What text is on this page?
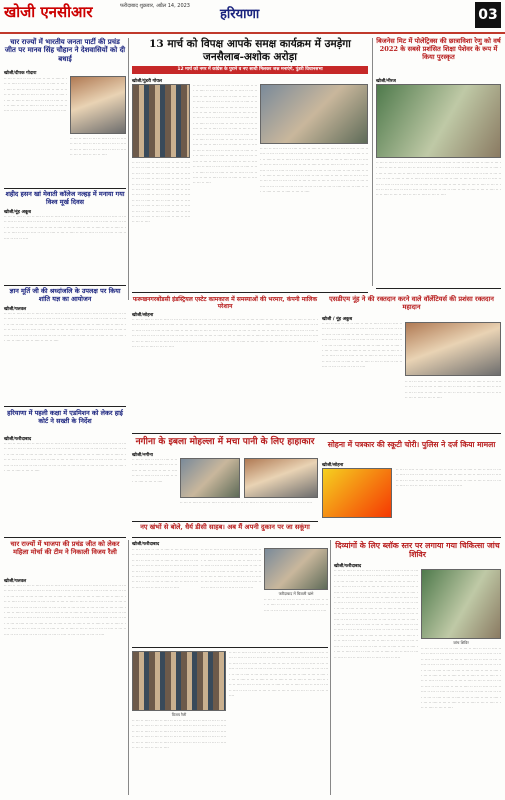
खोजी एनसीआर	फरीदाबाद शुक्रवार, अप्रैल 14, 2023
हरियाणा	03
चार राज्यों में भारतीय जनता पार्टी की प्रचंड जीत पर मानव सिंह चौहान ने देशवासियों को दी बधाई
खोजी/दीपक गोदारा
ॱॱ ॱॱॱ ॱॱ ॱॱॱॱ ॱॱ ॱॱॱ ॱॱ ॱॱॱॱ ॱॱ ॱॱॱ ॱॱ ॱॱॱॱ ॱॱ ॱॱॱ ॱॱ ॱॱॱॱ ॱॱ ॱॱॱ ॱॱ ॱॱॱॱ ॱॱ ॱॱॱ ॱॱ ॱॱॱॱ ॱॱ ॱॱॱ ॱॱ ॱॱॱॱ ॱॱ ॱॱॱ ॱॱ ॱॱॱॱ ॱॱ ॱॱॱ ॱॱ ॱॱॱॱ ॱॱ ॱॱॱ ॱॱ ॱॱॱॱ ॱॱ ॱॱॱ ॱॱ ॱॱॱॱ ॱॱ ॱॱॱ ॱॱ ॱॱॱॱ ॱॱ ॱॱॱ ॱॱ ॱॱॱॱ ॱॱ ॱॱॱ ॱॱ ॱॱॱॱ ॱॱ ॱॱॱ ॱॱ ॱॱॱॱ ॱॱ ॱॱॱ ॱॱ ॱॱॱॱ ॱॱ ॱॱॱ ॱॱ ॱॱॱॱ ॱॱ ॱॱॱ ॱॱ ॱॱॱॱ ॱॱ ॱॱॱ ॱॱ ॱॱॱॱ ॱॱ ॱॱॱ ॱॱ ॱॱॱॱ ॱॱ ॱॱॱ ॱॱ ॱॱॱॱ ॱॱ ॱॱॱ ॱॱ ॱॱॱॱ ॱॱ ॱॱॱ ॱॱ ॱॱॱॱ
ॱॱ ॱॱॱ ॱॱ ॱॱॱॱ ॱॱ ॱॱॱ ॱॱ ॱॱॱॱ ॱॱ ॱॱॱ ॱॱ ॱॱॱॱ ॱॱ ॱॱॱ ॱॱ ॱॱॱॱ ॱॱ ॱॱॱ ॱॱ ॱॱॱॱ ॱॱ ॱॱॱ ॱॱ ॱॱॱॱ ॱॱ ॱॱॱ ॱॱ ॱॱॱॱ ॱॱ ॱॱॱ ॱॱ ॱॱॱॱ ॱॱ ॱॱॱ ॱॱ ॱॱॱॱ ॱॱ ॱॱॱ ॱॱ ॱॱॱॱ ॱॱ ॱॱॱ ॱॱ ॱॱॱॱ
शहीद हसन खां मेवाती कॉलेज नल्हड़ में मनाया गया विश्व मूर्ख दिवस
खोजी/नूंह अकूब
ॱॱ ॱॱॱ ॱॱ ॱॱॱॱ ॱॱ ॱॱॱ ॱॱ ॱॱॱॱ ॱॱ ॱॱॱ ॱॱ ॱॱॱॱ ॱॱ ॱॱॱ ॱॱ ॱॱॱॱ ॱॱ ॱॱॱ ॱॱ ॱॱॱॱ ॱॱ ॱॱॱ ॱॱ ॱॱॱॱ ॱॱ ॱॱॱ ॱॱ ॱॱॱॱ ॱॱ ॱॱॱ ॱॱ ॱॱॱॱ ॱॱ ॱॱॱ ॱॱ ॱॱॱॱ ॱॱ ॱॱॱ ॱॱ ॱॱॱॱ ॱॱ ॱॱॱ ॱॱ ॱॱॱॱ ॱॱ ॱॱॱ ॱॱ ॱॱॱॱ ॱॱ ॱॱॱ ॱॱ ॱॱॱॱ ॱॱ ॱॱॱ ॱॱ ॱॱॱॱ ॱॱ ॱॱॱ ॱॱ ॱॱॱॱ ॱॱ ॱॱॱ ॱॱ ॱॱॱॱ ॱॱ ॱॱॱ ॱॱ ॱॱॱॱ ॱॱ ॱॱॱ ॱॱ ॱॱॱॱ ॱॱ ॱॱॱ ॱॱ ॱॱॱॱ ॱॱ ॱॱॱ ॱॱ ॱॱॱॱ ॱॱ ॱॱॱ ॱॱ ॱॱॱॱ ॱॱ ॱॱॱ ॱॱ ॱॱॱॱ ॱॱ ॱॱॱ ॱॱ ॱॱॱॱ ॱॱ ॱॱॱ ॱॱ ॱॱॱॱ ॱॱ ॱॱॱ ॱॱ ॱॱॱॱ ॱॱ ॱॱॱ ॱॱ ॱॱॱॱ ॱॱ ॱॱॱ ॱॱ ॱॱॱॱ
ज्ञान मूर्ति जी की श्रध्दांजलि के उपलक्ष पर किया शांति यज्ञ का आयोजन
खोजी/पलवल
ॱॱ ॱॱॱ ॱॱ ॱॱॱॱ ॱॱ ॱॱॱ ॱॱ ॱॱॱॱ ॱॱ ॱॱॱ ॱॱ ॱॱॱॱ ॱॱ ॱॱॱ ॱॱ ॱॱॱॱ ॱॱ ॱॱॱ ॱॱ ॱॱॱॱ ॱॱ ॱॱॱ ॱॱ ॱॱॱॱ ॱॱ ॱॱॱ ॱॱ ॱॱॱॱ ॱॱ ॱॱॱ ॱॱ ॱॱॱॱ ॱॱ ॱॱॱ ॱॱ ॱॱॱॱ ॱॱ ॱॱॱ ॱॱ ॱॱॱॱ ॱॱ ॱॱॱ ॱॱ ॱॱॱॱ ॱॱ ॱॱॱ ॱॱ ॱॱॱॱ ॱॱ ॱॱॱ ॱॱ ॱॱॱॱ ॱॱ ॱॱॱ ॱॱ ॱॱॱॱ ॱॱ ॱॱॱ ॱॱ ॱॱॱॱ ॱॱ ॱॱॱ ॱॱ ॱॱॱॱ ॱॱ ॱॱॱ ॱॱ ॱॱॱॱ ॱॱ ॱॱॱ ॱॱ ॱॱॱॱ ॱॱ ॱॱॱ ॱॱ ॱॱॱॱ ॱॱ ॱॱॱ ॱॱ ॱॱॱॱ ॱॱ ॱॱॱ ॱॱ ॱॱॱॱ ॱॱ ॱॱॱ ॱॱ ॱॱॱॱ ॱॱ ॱॱॱ ॱॱ ॱॱॱॱ ॱॱ ॱॱॱ ॱॱ ॱॱॱॱ ॱॱ ॱॱॱ ॱॱ ॱॱॱॱ ॱॱ ॱॱॱ ॱॱ ॱॱॱॱ ॱॱ ॱॱॱ ॱॱ ॱॱॱॱ ॱॱ ॱॱॱ ॱॱ ॱॱॱॱ ॱॱ ॱॱॱ ॱॱ ॱॱॱॱ ॱॱ ॱॱॱ ॱॱ ॱॱॱॱ ॱॱ ॱॱॱ ॱॱ ॱॱॱॱ ॱॱ ॱॱॱ ॱॱ ॱॱॱॱ ॱॱ ॱॱॱ ॱॱ ॱॱॱॱ ॱॱ ॱॱॱ ॱॱ ॱॱॱॱ ॱॱ ॱॱॱ ॱॱ ॱॱॱॱ
हरियाणा में पहली कक्षा में एडमिशन को लेकर हाई कोर्ट ने सख्ती के निर्देश
खोजी/फरीदाबाद
ॱॱ ॱॱॱ ॱॱ ॱॱॱॱ ॱॱ ॱॱॱ ॱॱ ॱॱॱॱ ॱॱ ॱॱॱ ॱॱ ॱॱॱॱ ॱॱ ॱॱॱ ॱॱ ॱॱॱॱ ॱॱ ॱॱॱ ॱॱ ॱॱॱॱ ॱॱ ॱॱॱ ॱॱ ॱॱॱॱ ॱॱ ॱॱॱ ॱॱ ॱॱॱॱ ॱॱ ॱॱॱ ॱॱ ॱॱॱॱ ॱॱ ॱॱॱ ॱॱ ॱॱॱॱ ॱॱ ॱॱॱ ॱॱ ॱॱॱॱ ॱॱ ॱॱॱ ॱॱ ॱॱॱॱ ॱॱ ॱॱॱ ॱॱ ॱॱॱॱ ॱॱ ॱॱॱ ॱॱ ॱॱॱॱ ॱॱ ॱॱॱ ॱॱ ॱॱॱॱ ॱॱ ॱॱॱ ॱॱ ॱॱॱॱ ॱॱ ॱॱॱ ॱॱ ॱॱॱॱ ॱॱ ॱॱॱ ॱॱ ॱॱॱॱ ॱॱ ॱॱॱ ॱॱ ॱॱॱॱ ॱॱ ॱॱॱ ॱॱ ॱॱॱॱ ॱॱ ॱॱॱ ॱॱ ॱॱॱॱ ॱॱ ॱॱॱ ॱॱ ॱॱॱॱ ॱॱ ॱॱॱ ॱॱ ॱॱॱॱ ॱॱ ॱॱॱ ॱॱ ॱॱॱॱ ॱॱ ॱॱॱ ॱॱ ॱॱॱॱ ॱॱ ॱॱॱ ॱॱ ॱॱॱॱ ॱॱ ॱॱॱ ॱॱ ॱॱॱॱ ॱॱ ॱॱॱ ॱॱ ॱॱॱॱ ॱॱ ॱॱॱ ॱॱ ॱॱॱॱ ॱॱ ॱॱॱ ॱॱ ॱॱॱॱ ॱॱ ॱॱॱ ॱॱ ॱॱॱॱ ॱॱ ॱॱॱ ॱॱ ॱॱॱॱ ॱॱ ॱॱॱ ॱॱ ॱॱॱॱ ॱॱ ॱॱॱ ॱॱ ॱॱॱॱ ॱॱ ॱॱॱ ॱॱ ॱॱॱॱ
13 मार्च को विपक्ष आपके समक्ष कार्यक्रम में उमड़ेगा जनसैलाब-अशोक अरोड़ा
12 मार्च को नगर में कांग्रेस के पुराने व नए साथी मिलकर जश्न मनाएंगे, पुंडरी विधानसभा
खोजी/पुंडरी गोयल
ॱॱ ॱॱॱ ॱॱ ॱॱॱॱ ॱॱ ॱॱॱ ॱॱ ॱॱॱॱ ॱॱ ॱॱॱ ॱॱ ॱॱॱॱ ॱॱ ॱॱॱ ॱॱ ॱॱॱॱ ॱॱ ॱॱॱ ॱॱ ॱॱॱॱ ॱॱ ॱॱॱ ॱॱ ॱॱॱॱ ॱॱ ॱॱॱ ॱॱ ॱॱॱॱ ॱॱ ॱॱॱ ॱॱ ॱॱॱॱ ॱॱ ॱॱॱ ॱॱ ॱॱॱॱ ॱॱ ॱॱॱ ॱॱ ॱॱॱॱ ॱॱ ॱॱॱ ॱॱ ॱॱॱॱ ॱॱ ॱॱॱ ॱॱ ॱॱॱॱ ॱॱ ॱॱॱ ॱॱ ॱॱॱॱ ॱॱ ॱॱॱ ॱॱ ॱॱॱॱ ॱॱ ॱॱॱ ॱॱ ॱॱॱॱ ॱॱ ॱॱॱ ॱॱ ॱॱॱॱ ॱॱ ॱॱॱ ॱॱ ॱॱॱॱ ॱॱ ॱॱॱ ॱॱ ॱॱॱॱ ॱॱ ॱॱॱ ॱॱ ॱॱॱॱ ॱॱ ॱॱॱ ॱॱ ॱॱॱॱ ॱॱ ॱॱॱ ॱॱ ॱॱॱॱ ॱॱ ॱॱॱ ॱॱ ॱॱॱॱ ॱॱ ॱॱॱ ॱॱ ॱॱॱॱ ॱॱ ॱॱॱ ॱॱ ॱॱॱॱ ॱॱ ॱॱॱ ॱॱ ॱॱॱॱ ॱॱ ॱॱॱ ॱॱ ॱॱॱॱ ॱॱ ॱॱॱ ॱॱ ॱॱॱॱ ॱॱ ॱॱॱ ॱॱ ॱॱॱॱ ॱॱ ॱॱॱ ॱॱ ॱॱॱॱ ॱॱ ॱॱॱ ॱॱ ॱॱॱॱ ॱॱ ॱॱॱ ॱॱ ॱॱॱॱ ॱॱ ॱॱॱ ॱॱ ॱॱॱॱ ॱॱ ॱॱॱ ॱॱ ॱॱॱॱ ॱॱ ॱॱॱ ॱॱ ॱॱॱॱ ॱॱ ॱॱॱ ॱॱ ॱॱॱॱ ॱॱ ॱॱॱ ॱॱ ॱॱॱॱ ॱॱ ॱॱॱ ॱॱ ॱॱॱॱ ॱॱ ॱॱॱ ॱॱ ॱॱॱॱ ॱॱ ॱॱॱ ॱॱ ॱॱॱॱ ॱॱ ॱॱॱ ॱॱ ॱॱॱॱ ॱॱ ॱॱॱ ॱॱ ॱॱॱॱ ॱॱ ॱॱॱ ॱॱ ॱॱॱॱ ॱॱ ॱॱॱ ॱॱ ॱॱॱॱ ॱॱ ॱॱॱ ॱॱ ॱॱॱॱ ॱॱ ॱॱॱ ॱॱ ॱॱॱॱ ॱॱ ॱॱॱ ॱॱ ॱॱॱॱ ॱॱ ॱॱॱ ॱॱ ॱॱॱॱ ॱॱ ॱॱॱ ॱॱ ॱॱॱॱ ॱॱ ॱॱॱ ॱॱ ॱॱॱॱ ॱॱ ॱॱॱ ॱॱ ॱॱॱॱ ॱॱ ॱॱॱ ॱॱ ॱॱॱॱ ॱॱ ॱॱॱ ॱॱ ॱॱॱॱ ॱॱ ॱॱॱ ॱॱ ॱॱॱॱ ॱॱ ॱॱॱ ॱॱ ॱॱॱॱ ॱॱ ॱॱॱ ॱॱ ॱॱॱॱ ॱॱ ॱॱॱ ॱॱ ॱॱॱॱ ॱॱ ॱॱॱ ॱॱ ॱॱॱॱ ॱॱ ॱॱॱ ॱॱ ॱॱॱॱ ॱॱ ॱॱॱ ॱॱ ॱॱॱॱ ॱॱ ॱॱॱ ॱॱ ॱॱॱॱ ॱॱ ॱॱॱ ॱॱ ॱॱॱॱ
ॱॱ ॱॱॱ ॱॱ ॱॱॱॱ ॱॱ ॱॱॱ ॱॱ ॱॱॱॱ ॱॱ ॱॱॱ ॱॱ ॱॱॱॱ ॱॱ ॱॱॱ ॱॱ ॱॱॱॱ ॱॱ ॱॱॱ ॱॱ ॱॱॱॱ ॱॱ ॱॱॱ ॱॱ ॱॱॱॱ ॱॱ ॱॱॱ ॱॱ ॱॱॱॱ ॱॱ ॱॱॱ ॱॱ ॱॱॱॱ ॱॱ ॱॱॱ ॱॱ ॱॱॱॱ ॱॱ ॱॱॱ ॱॱ ॱॱॱॱ ॱॱ ॱॱॱ ॱॱ ॱॱॱॱ ॱॱ ॱॱॱ ॱॱ ॱॱॱॱ ॱॱ ॱॱॱ ॱॱ ॱॱॱॱ ॱॱ ॱॱॱ ॱॱ ॱॱॱॱ ॱॱ ॱॱॱ ॱॱ ॱॱॱॱ ॱॱ ॱॱॱ ॱॱ ॱॱॱॱ ॱॱ ॱॱॱ ॱॱ ॱॱॱॱ ॱॱ ॱॱॱ ॱॱ ॱॱॱॱ ॱॱ ॱॱॱ ॱॱ ॱॱॱॱ ॱॱ ॱॱॱ ॱॱ ॱॱॱॱ ॱॱ ॱॱॱ ॱॱ ॱॱॱॱ ॱॱ ॱॱॱ ॱॱ ॱॱॱॱ ॱॱ ॱॱॱ ॱॱ ॱॱॱॱ ॱॱ ॱॱॱ ॱॱ ॱॱॱॱ ॱॱ ॱॱॱ ॱॱ ॱॱॱॱ ॱॱ ॱॱॱ ॱॱ ॱॱॱॱ ॱॱ ॱॱॱ ॱॱ ॱॱॱॱ ॱॱ ॱॱॱ ॱॱ ॱॱॱॱ ॱॱ ॱॱॱ ॱॱ ॱॱॱॱ ॱॱ ॱॱॱ ॱॱ ॱॱॱॱ ॱॱ ॱॱॱ ॱॱ ॱॱॱॱ ॱॱ ॱॱॱ ॱॱ ॱॱॱॱ ॱॱ ॱॱॱ ॱॱ ॱॱॱॱ ॱॱ ॱॱॱ ॱॱ ॱॱॱॱ
ॱॱ ॱॱॱ ॱॱ ॱॱॱॱ ॱॱ ॱॱॱ ॱॱ ॱॱॱॱ ॱॱ ॱॱॱ ॱॱ ॱॱॱॱ ॱॱ ॱॱॱ ॱॱ ॱॱॱॱ ॱॱ ॱॱॱ ॱॱ ॱॱॱॱ ॱॱ ॱॱॱ ॱॱ ॱॱॱॱ ॱॱ ॱॱॱ ॱॱ ॱॱॱॱ ॱॱ ॱॱॱ ॱॱ ॱॱॱॱ ॱॱ ॱॱॱ ॱॱ ॱॱॱॱ ॱॱ ॱॱॱ ॱॱ ॱॱॱॱ ॱॱ ॱॱॱ ॱॱ ॱॱॱॱ ॱॱ ॱॱॱ ॱॱ ॱॱॱॱ ॱॱ ॱॱॱ ॱॱ ॱॱॱॱ ॱॱ ॱॱॱ ॱॱ ॱॱॱॱ ॱॱ ॱॱॱ ॱॱ ॱॱॱॱ ॱॱ ॱॱॱ ॱॱ ॱॱॱॱ ॱॱ ॱॱॱ ॱॱ ॱॱॱॱ ॱॱ ॱॱॱ ॱॱ ॱॱॱॱ ॱॱ ॱॱॱ ॱॱ ॱॱॱॱ ॱॱ ॱॱॱ ॱॱ ॱॱॱॱ ॱॱ ॱॱॱ ॱॱ ॱॱॱॱ ॱॱ ॱॱॱ ॱॱ ॱॱॱॱ ॱॱ ॱॱॱ ॱॱ ॱॱॱॱ ॱॱ ॱॱॱ ॱॱ ॱॱॱॱ ॱॱ ॱॱॱ ॱॱ ॱॱॱॱ ॱॱ ॱॱॱ ॱॱ ॱॱॱॱ ॱॱ ॱॱॱ ॱॱ ॱॱॱॱ ॱॱ ॱॱॱ ॱॱ ॱॱॱॱ ॱॱ ॱॱॱ ॱॱ ॱॱॱॱ ॱॱ ॱॱॱ ॱॱ ॱॱॱॱ ॱॱ ॱॱॱ ॱॱ ॱॱॱॱ ॱॱ ॱॱॱ ॱॱ ॱॱॱॱ ॱॱ ॱॱॱ ॱॱ ॱॱॱॱ ॱॱ ॱॱॱ ॱॱ ॱॱॱॱ ॱॱ ॱॱॱ ॱॱ ॱॱॱॱ ॱॱ ॱॱॱ ॱॱ ॱॱॱॱ ॱॱ ॱॱॱ ॱॱ ॱॱॱॱ ॱॱ ॱॱॱ ॱॱ ॱॱॱॱ ॱॱ ॱॱॱ ॱॱ ॱॱॱॱ ॱॱ ॱॱॱ ॱॱ ॱॱॱॱ ॱॱ ॱॱॱ ॱॱ ॱॱॱॱ ॱॱ ॱॱॱ ॱॱ ॱॱॱॱ ॱॱ ॱॱॱ ॱॱ ॱॱॱॱ ॱॱ ॱॱॱ ॱॱ ॱॱॱॱ ॱॱ ॱॱॱ ॱॱ ॱॱॱॱ ॱॱ ॱॱॱ ॱॱ ॱॱॱॱ ॱॱ ॱॱॱ ॱॱ ॱॱॱॱ ॱॱ ॱॱॱ ॱॱ ॱॱॱॱ
बिजनेस मिट में पोलेट्रिक्स की छात्राविशा रेणु को वर्ष 2022 के सबसे प्रशंसित शिक्षा पेशेवर के रूप में किया पुरस्कृत
खोजी/नीरज
ॱॱ ॱॱॱ ॱॱ ॱॱॱॱ ॱॱ ॱॱॱ ॱॱ ॱॱॱॱ ॱॱ ॱॱॱ ॱॱ ॱॱॱॱ ॱॱ ॱॱॱ ॱॱ ॱॱॱॱ ॱॱ ॱॱॱ ॱॱ ॱॱॱॱ ॱॱ ॱॱॱ ॱॱ ॱॱॱॱ ॱॱ ॱॱॱ ॱॱ ॱॱॱॱ ॱॱ ॱॱॱ ॱॱ ॱॱॱॱ ॱॱ ॱॱॱ ॱॱ ॱॱॱॱ ॱॱ ॱॱॱ ॱॱ ॱॱॱॱ ॱॱ ॱॱॱ ॱॱ ॱॱॱॱ ॱॱ ॱॱॱ ॱॱ ॱॱॱॱ ॱॱ ॱॱॱ ॱॱ ॱॱॱॱ ॱॱ ॱॱॱ ॱॱ ॱॱॱॱ ॱॱ ॱॱॱ ॱॱ ॱॱॱॱ ॱॱ ॱॱॱ ॱॱ ॱॱॱॱ ॱॱ ॱॱॱ ॱॱ ॱॱॱॱ ॱॱ ॱॱॱ ॱॱ ॱॱॱॱ ॱॱ ॱॱॱ ॱॱ ॱॱॱॱ ॱॱ ॱॱॱ ॱॱ ॱॱॱॱ ॱॱ ॱॱॱ ॱॱ ॱॱॱॱ ॱॱ ॱॱॱ ॱॱ ॱॱॱॱ ॱॱ ॱॱॱ ॱॱ ॱॱॱॱ ॱॱ ॱॱॱ ॱॱ ॱॱॱॱ ॱॱ ॱॱॱ ॱॱ ॱॱॱॱ ॱॱ ॱॱॱ ॱॱ ॱॱॱॱ ॱॱ ॱॱॱ ॱॱ ॱॱॱॱ ॱॱ ॱॱॱ ॱॱ ॱॱॱॱ ॱॱ ॱॱॱ ॱॱ ॱॱॱॱ ॱॱ ॱॱॱ ॱॱ ॱॱॱॱ ॱॱ ॱॱॱ ॱॱ ॱॱॱॱ ॱॱ ॱॱॱ ॱॱ ॱॱॱॱ ॱॱ ॱॱॱ ॱॱ ॱॱॱॱ ॱॱ ॱॱॱ ॱॱ ॱॱॱॱ ॱॱ ॱॱॱ ॱॱ ॱॱॱॱ ॱॱ ॱॱॱ ॱॱ ॱॱॱॱ ॱॱ ॱॱॱ ॱॱ ॱॱॱॱ ॱॱ ॱॱॱ ॱॱ ॱॱॱॱ ॱॱ ॱॱॱ ॱॱ ॱॱॱॱ ॱॱ ॱॱॱ ॱॱ ॱॱॱॱ ॱॱ ॱॱॱ ॱॱ ॱॱॱॱ ॱॱ ॱॱॱ ॱॱ ॱॱॱॱ ॱॱ ॱॱॱ ॱॱ ॱॱॱॱ
फरूखनगरबोंडसी इंडस्ट्रियल एस्टेट कामकाज में समस्याओं की भरमार, कंपनी मालिक परेशान
खोजी/सोहना
ॱॱ ॱॱॱ ॱॱ ॱॱॱॱ ॱॱ ॱॱॱ ॱॱ ॱॱॱॱ ॱॱ ॱॱॱ ॱॱ ॱॱॱॱ ॱॱ ॱॱॱ ॱॱ ॱॱॱॱ ॱॱ ॱॱॱ ॱॱ ॱॱॱॱ ॱॱ ॱॱॱ ॱॱ ॱॱॱॱ ॱॱ ॱॱॱ ॱॱ ॱॱॱॱ ॱॱ ॱॱॱ ॱॱ ॱॱॱॱ ॱॱ ॱॱॱ ॱॱ ॱॱॱॱ ॱॱ ॱॱॱ ॱॱ ॱॱॱॱ ॱॱ ॱॱॱ ॱॱ ॱॱॱॱ ॱॱ ॱॱॱ ॱॱ ॱॱॱॱ ॱॱ ॱॱॱ ॱॱ ॱॱॱॱ ॱॱ ॱॱॱ ॱॱ ॱॱॱॱ ॱॱ ॱॱॱ ॱॱ ॱॱॱॱ ॱॱ ॱॱॱ ॱॱ ॱॱॱॱ ॱॱ ॱॱॱ ॱॱ ॱॱॱॱ ॱॱ ॱॱॱ ॱॱ ॱॱॱॱ ॱॱ ॱॱॱ ॱॱ ॱॱॱॱ ॱॱ ॱॱॱ ॱॱ ॱॱॱॱ ॱॱ ॱॱॱ ॱॱ ॱॱॱॱ ॱॱ ॱॱॱ ॱॱ ॱॱॱॱ ॱॱ ॱॱॱ ॱॱ ॱॱॱॱ ॱॱ ॱॱॱ ॱॱ ॱॱॱॱ ॱॱ ॱॱॱ ॱॱ ॱॱॱॱ ॱॱ ॱॱॱ ॱॱ ॱॱॱॱ ॱॱ ॱॱॱ ॱॱ ॱॱॱॱ ॱॱ ॱॱॱ ॱॱ ॱॱॱॱ ॱॱ ॱॱॱ ॱॱ ॱॱॱॱ ॱॱ ॱॱॱ ॱॱ ॱॱॱॱ ॱॱ ॱॱॱ ॱॱ ॱॱॱॱ ॱॱ ॱॱॱ ॱॱ ॱॱॱॱ ॱॱ ॱॱॱ ॱॱ ॱॱॱॱ ॱॱ ॱॱॱ ॱॱ ॱॱॱॱ ॱॱ ॱॱॱ ॱॱ ॱॱॱॱ ॱॱ ॱॱॱ ॱॱ ॱॱॱॱ ॱॱ ॱॱॱ ॱॱ ॱॱॱॱ ॱॱ ॱॱॱ ॱॱ ॱॱॱॱ ॱॱ ॱॱॱ ॱॱ ॱॱॱॱ ॱॱ ॱॱॱ ॱॱ ॱॱॱॱ ॱॱ ॱॱॱ ॱॱ ॱॱॱॱ ॱॱ ॱॱॱ ॱॱ ॱॱॱॱ ॱॱ ॱॱॱ ॱॱ ॱॱॱॱ ॱॱ ॱॱॱ ॱॱ ॱॱॱॱ ॱॱ ॱॱॱ ॱॱ ॱॱॱॱ ॱॱ ॱॱॱ ॱॱ ॱॱॱॱ ॱॱ ॱॱॱ ॱॱ ॱॱॱॱ ॱॱ ॱॱॱ ॱॱ ॱॱॱॱ ॱॱ ॱॱॱ ॱॱ ॱॱॱॱ ॱॱ ॱॱॱ ॱॱ ॱॱॱॱ ॱॱ ॱॱॱ ॱॱ ॱॱॱॱ
एसडीएम नूंह ने की रक्तदान करने वाले वॉलेंटियर्स की प्रशंसा रक्तदान महादान
खोजी / नूंह अकुब
ॱॱ ॱॱॱ ॱॱ ॱॱॱॱ ॱॱ ॱॱॱ ॱॱ ॱॱॱॱ ॱॱ ॱॱॱ ॱॱ ॱॱॱॱ ॱॱ ॱॱॱ ॱॱ ॱॱॱॱ ॱॱ ॱॱॱ ॱॱ ॱॱॱॱ ॱॱ ॱॱॱ ॱॱ ॱॱॱॱ ॱॱ ॱॱॱ ॱॱ ॱॱॱॱ ॱॱ ॱॱॱ ॱॱ ॱॱॱॱ ॱॱ ॱॱॱ ॱॱ ॱॱॱॱ ॱॱ ॱॱॱ ॱॱ ॱॱॱॱ ॱॱ ॱॱॱ ॱॱ ॱॱॱॱ ॱॱ ॱॱॱ ॱॱ ॱॱॱॱ ॱॱ ॱॱॱ ॱॱ ॱॱॱॱ ॱॱ ॱॱॱ ॱॱ ॱॱॱॱ ॱॱ ॱॱॱ ॱॱ ॱॱॱॱ ॱॱ ॱॱॱ ॱॱ ॱॱॱॱ ॱॱ ॱॱॱ ॱॱ ॱॱॱॱ ॱॱ ॱॱॱ ॱॱ ॱॱॱॱ ॱॱ ॱॱॱ ॱॱ ॱॱॱॱ ॱॱ ॱॱॱ ॱॱ ॱॱॱॱ ॱॱ ॱॱॱ ॱॱ ॱॱॱॱ ॱॱ ॱॱॱ ॱॱ ॱॱॱॱ ॱॱ ॱॱॱ ॱॱ ॱॱॱॱ ॱॱ ॱॱॱ ॱॱ ॱॱॱॱ ॱॱ ॱॱॱ ॱॱ ॱॱॱॱ ॱॱ ॱॱॱ ॱॱ ॱॱॱॱ ॱॱ ॱॱॱ ॱॱ ॱॱॱॱ ॱॱ ॱॱॱ ॱॱ ॱॱॱॱ ॱॱ ॱॱॱ ॱॱ ॱॱॱॱ ॱॱ ॱॱॱ ॱॱ ॱॱॱॱ ॱॱ ॱॱॱ ॱॱ ॱॱॱॱ ॱॱ ॱॱॱ ॱॱ ॱॱॱॱ ॱॱ ॱॱॱ ॱॱ ॱॱॱॱ ॱॱ ॱॱॱ ॱॱ ॱॱॱॱ ॱॱ ॱॱॱ ॱॱ ॱॱॱॱ ॱॱ ॱॱॱ ॱॱ ॱॱॱॱ
ॱॱ ॱॱॱ ॱॱ ॱॱॱॱ ॱॱ ॱॱॱ ॱॱ ॱॱॱॱ ॱॱ ॱॱॱ ॱॱ ॱॱॱॱ ॱॱ ॱॱॱ ॱॱ ॱॱॱॱ ॱॱ ॱॱॱ ॱॱ ॱॱॱॱ ॱॱ ॱॱॱ ॱॱ ॱॱॱॱ ॱॱ ॱॱॱ ॱॱ ॱॱॱॱ ॱॱ ॱॱॱ ॱॱ ॱॱॱॱ ॱॱ ॱॱॱ ॱॱ ॱॱॱॱ ॱॱ ॱॱॱ ॱॱ ॱॱॱॱ ॱॱ ॱॱॱ ॱॱ ॱॱॱॱ ॱॱ ॱॱॱ ॱॱ ॱॱॱॱ ॱॱ ॱॱॱ ॱॱ ॱॱॱॱ ॱॱ ॱॱॱ ॱॱ ॱॱॱॱ ॱॱ ॱॱॱ ॱॱ ॱॱॱॱ ॱॱ ॱॱॱ ॱॱ ॱॱॱॱ ॱॱ ॱॱॱ ॱॱ ॱॱॱॱ
नगीना के इबला मोहल्ला में मचा पानी के लिए हाहाकार
खोजी/नगीना
ॱॱ ॱॱॱ ॱॱ ॱॱॱॱ ॱॱ ॱॱॱ ॱॱ ॱॱॱॱ ॱॱ ॱॱॱ ॱॱ ॱॱॱॱ ॱॱ ॱॱॱ ॱॱ ॱॱॱॱ ॱॱ ॱॱॱ ॱॱ ॱॱॱॱ ॱॱ ॱॱॱ ॱॱ ॱॱॱॱ ॱॱ ॱॱॱ ॱॱ ॱॱॱॱ ॱॱ ॱॱॱ ॱॱ ॱॱॱॱ ॱॱ ॱॱॱ ॱॱ ॱॱॱॱ ॱॱ ॱॱॱ ॱॱ ॱॱॱॱ ॱॱ ॱॱॱ ॱॱ ॱॱॱॱ
ॱॱ ॱॱॱ ॱॱ ॱॱॱॱ ॱॱ ॱॱॱ ॱॱ ॱॱॱॱ ॱॱ ॱॱॱ ॱॱ ॱॱॱॱ ॱॱ ॱॱॱ ॱॱ ॱॱॱॱ ॱॱ ॱॱॱ ॱॱ ॱॱॱॱ ॱॱ ॱॱॱ ॱॱ ॱॱॱॱ ॱॱ ॱॱॱ ॱॱ ॱॱॱॱ
सोहना में पत्रकार की स्कूटी चोरी। पुलिस ने दर्ज किया मामला
खोजी/सोहना
ॱॱ ॱॱॱ ॱॱ ॱॱॱॱ ॱॱ ॱॱॱ ॱॱ ॱॱॱॱ ॱॱ ॱॱॱ ॱॱ ॱॱॱॱ ॱॱ ॱॱॱ ॱॱ ॱॱॱॱ ॱॱ ॱॱॱ ॱॱ ॱॱॱॱ ॱॱ ॱॱॱ ॱॱ ॱॱॱॱ ॱॱ ॱॱॱ ॱॱ ॱॱॱॱ ॱॱ ॱॱॱ ॱॱ ॱॱॱॱ ॱॱ ॱॱॱ ॱॱ ॱॱॱॱ ॱॱ ॱॱॱ ॱॱ ॱॱॱॱ ॱॱ ॱॱॱ ॱॱ ॱॱॱॱ ॱॱ ॱॱॱ ॱॱ ॱॱॱॱ ॱॱ ॱॱॱ ॱॱ ॱॱॱॱ ॱॱ ॱॱॱ ॱॱ ॱॱॱॱ ॱॱ ॱॱॱ ॱॱ ॱॱॱॱ ॱॱ ॱॱॱ ॱॱ ॱॱॱॱ ॱॱ ॱॱॱ ॱॱ ॱॱॱॱ ॱॱ ॱॱॱ ॱॱ ॱॱॱॱ ॱॱ ॱॱॱ ॱॱ ॱॱॱॱ ॱॱ ॱॱॱ ॱॱ ॱॱॱॱ
नए खंभों से बोले, धैर्य डीसी साहब। अब मैं अपनी दुकान पर जा सकूंगा
खोजी/फरीदाबाद
ॱॱ ॱॱॱ ॱॱ ॱॱॱॱ ॱॱ ॱॱॱ ॱॱ ॱॱॱॱ ॱॱ ॱॱॱ ॱॱ ॱॱॱॱ ॱॱ ॱॱॱ ॱॱ ॱॱॱॱ ॱॱ ॱॱॱ ॱॱ ॱॱॱॱ ॱॱ ॱॱॱ ॱॱ ॱॱॱॱ ॱॱ ॱॱॱ ॱॱ ॱॱॱॱ ॱॱ ॱॱॱ ॱॱ ॱॱॱॱ ॱॱ ॱॱॱ ॱॱ ॱॱॱॱ ॱॱ ॱॱॱ ॱॱ ॱॱॱॱ ॱॱ ॱॱॱ ॱॱ ॱॱॱॱ ॱॱ ॱॱॱ ॱॱ ॱॱॱॱ ॱॱ ॱॱॱ ॱॱ ॱॱॱॱ ॱॱ ॱॱॱ ॱॱ ॱॱॱॱ ॱॱ ॱॱॱ ॱॱ ॱॱॱॱ ॱॱ ॱॱॱ ॱॱ ॱॱॱॱ ॱॱ ॱॱॱ ॱॱ ॱॱॱॱ ॱॱ ॱॱॱ ॱॱ ॱॱॱॱ ॱॱ ॱॱॱ ॱॱ ॱॱॱॱ ॱॱ ॱॱॱ ॱॱ ॱॱॱॱ ॱॱ ॱॱॱ ॱॱ ॱॱॱॱ ॱॱ ॱॱॱ ॱॱ ॱॱॱॱ ॱॱ ॱॱॱ ॱॱ ॱॱॱॱ ॱॱ ॱॱॱ ॱॱ ॱॱॱॱ ॱॱ ॱॱॱ ॱॱ ॱॱॱॱ ॱॱ ॱॱॱ ॱॱ ॱॱॱॱ ॱॱ ॱॱॱ ॱॱ ॱॱॱॱ
ॱॱ ॱॱॱ ॱॱ ॱॱॱॱ ॱॱ ॱॱॱ ॱॱ ॱॱॱॱ ॱॱ ॱॱॱ ॱॱ ॱॱॱॱ ॱॱ ॱॱॱ ॱॱ ॱॱॱॱ ॱॱ ॱॱॱ ॱॱ ॱॱॱॱ ॱॱ ॱॱॱ ॱॱ ॱॱॱॱ ॱॱ ॱॱॱ ॱॱ ॱॱॱॱ ॱॱ ॱॱॱ ॱॱ ॱॱॱॱ ॱॱ ॱॱॱ ॱॱ ॱॱॱॱ ॱॱ ॱॱॱ ॱॱ ॱॱॱॱ ॱॱ ॱॱॱ ॱॱ ॱॱॱॱ ॱॱ ॱॱॱ ॱॱ ॱॱॱॱ ॱॱ ॱॱॱ ॱॱ ॱॱॱॱ ॱॱ ॱॱॱ ॱॱ ॱॱॱॱ ॱॱ ॱॱॱ ॱॱ ॱॱॱॱ ॱॱ ॱॱॱ ॱॱ ॱॱॱॱ ॱॱ ॱॱॱ ॱॱ ॱॱॱॱ ॱॱ ॱॱॱ ॱॱ ॱॱॱॱ ॱॱ ॱॱॱ ॱॱ ॱॱॱॱ ॱॱ ॱॱॱ ॱॱ ॱॱॱॱ ॱॱ ॱॱॱ ॱॱ ॱॱॱॱ ॱॱ ॱॱॱ ॱॱ ॱॱॱॱ ॱॱ ॱॱॱ ॱॱ ॱॱॱॱ ॱॱ ॱॱॱ ॱॱ ॱॱॱॱ ॱॱ ॱॱॱ ॱॱ ॱॱॱॱ
फरीदाबाद में बिजली खंभे
ॱॱ ॱॱॱ ॱॱ ॱॱॱॱ ॱॱ ॱॱॱ ॱॱ ॱॱॱॱ ॱॱ ॱॱॱ ॱॱ ॱॱॱॱ ॱॱ ॱॱॱ ॱॱ ॱॱॱॱ ॱॱ ॱॱॱ ॱॱ ॱॱॱॱ ॱॱ ॱॱॱ ॱॱ ॱॱॱॱ ॱॱ ॱॱॱ ॱॱ ॱॱॱॱ ॱॱ ॱॱॱ ॱॱ ॱॱॱॱ ॱॱ ॱॱॱ ॱॱ ॱॱॱॱ ॱॱ ॱॱॱ ॱॱ ॱॱॱॱ
दिव्यांगों के लिए ब्लॉक स्तर पर लगाया गया चिकित्सा जांच शिविर
खोजी/फरीदाबाद
ॱॱ ॱॱॱ ॱॱ ॱॱॱॱ ॱॱ ॱॱॱ ॱॱ ॱॱॱॱ ॱॱ ॱॱॱ ॱॱ ॱॱॱॱ ॱॱ ॱॱॱ ॱॱ ॱॱॱॱ ॱॱ ॱॱॱ ॱॱ ॱॱॱॱ ॱॱ ॱॱॱ ॱॱ ॱॱॱॱ ॱॱ ॱॱॱ ॱॱ ॱॱॱॱ ॱॱ ॱॱॱ ॱॱ ॱॱॱॱ ॱॱ ॱॱॱ ॱॱ ॱॱॱॱ ॱॱ ॱॱॱ ॱॱ ॱॱॱॱ ॱॱ ॱॱॱ ॱॱ ॱॱॱॱ ॱॱ ॱॱॱ ॱॱ ॱॱॱॱ ॱॱ ॱॱॱ ॱॱ ॱॱॱॱ ॱॱ ॱॱॱ ॱॱ ॱॱॱॱ ॱॱ ॱॱॱ ॱॱ ॱॱॱॱ ॱॱ ॱॱॱ ॱॱ ॱॱॱॱ ॱॱ ॱॱॱ ॱॱ ॱॱॱॱ ॱॱ ॱॱॱ ॱॱ ॱॱॱॱ ॱॱ ॱॱॱ ॱॱ ॱॱॱॱ ॱॱ ॱॱॱ ॱॱ ॱॱॱॱ ॱॱ ॱॱॱ ॱॱ ॱॱॱॱ ॱॱ ॱॱॱ ॱॱ ॱॱॱॱ ॱॱ ॱॱॱ ॱॱ ॱॱॱॱ ॱॱ ॱॱॱ ॱॱ ॱॱॱॱ ॱॱ ॱॱॱ ॱॱ ॱॱॱॱ ॱॱ ॱॱॱ ॱॱ ॱॱॱॱ ॱॱ ॱॱॱ ॱॱ ॱॱॱॱ ॱॱ ॱॱॱ ॱॱ ॱॱॱॱ ॱॱ ॱॱॱ ॱॱ ॱॱॱॱ ॱॱ ॱॱॱ ॱॱ ॱॱॱॱ ॱॱ ॱॱॱ ॱॱ ॱॱॱॱ ॱॱ ॱॱॱ ॱॱ ॱॱॱॱ ॱॱ ॱॱॱ ॱॱ ॱॱॱॱ ॱॱ ॱॱॱ ॱॱ ॱॱॱॱ ॱॱ ॱॱॱ ॱॱ ॱॱॱॱ ॱॱ ॱॱॱ ॱॱ ॱॱॱॱ ॱॱ ॱॱॱ ॱॱ ॱॱॱॱ ॱॱ ॱॱॱ ॱॱ ॱॱॱॱ ॱॱ ॱॱॱ ॱॱ ॱॱॱॱ ॱॱ ॱॱॱ ॱॱ ॱॱॱॱ ॱॱ ॱॱॱ ॱॱ ॱॱॱॱ ॱॱ ॱॱॱ ॱॱ ॱॱॱॱ ॱॱ ॱॱॱ ॱॱ ॱॱॱॱ ॱॱ ॱॱॱ ॱॱ ॱॱॱॱ ॱॱ ॱॱॱ ॱॱ ॱॱॱॱ ॱॱ ॱॱॱ ॱॱ ॱॱॱॱ ॱॱ ॱॱॱ ॱॱ ॱॱॱॱ ॱॱ ॱॱॱ ॱॱ ॱॱॱॱ ॱॱ ॱॱॱ ॱॱ ॱॱॱॱ ॱॱ ॱॱॱ ॱॱ ॱॱॱॱ ॱॱ ॱॱॱ ॱॱ ॱॱॱॱ ॱॱ ॱॱॱ ॱॱ ॱॱॱॱ ॱॱ ॱॱॱ ॱॱ ॱॱॱॱ ॱॱ ॱॱॱ ॱॱ ॱॱॱॱ ॱॱ ॱॱॱ ॱॱ ॱॱॱॱ ॱॱ ॱॱॱ ॱॱ ॱॱॱॱ ॱॱ ॱॱॱ ॱॱ ॱॱॱॱ ॱॱ ॱॱॱ ॱॱ ॱॱॱॱ ॱॱ ॱॱॱ ॱॱ ॱॱॱॱ ॱॱ ॱॱॱ ॱॱ ॱॱॱॱ ॱॱ ॱॱॱ ॱॱ ॱॱॱॱ ॱॱ ॱॱॱ ॱॱ ॱॱॱॱ ॱॱ ॱॱॱ ॱॱ ॱॱॱॱ ॱॱ ॱॱॱ ॱॱ ॱॱॱॱ ॱॱ ॱॱॱ ॱॱ ॱॱॱॱ ॱॱ ॱॱॱ ॱॱ ॱॱॱॱ ॱॱ ॱॱॱ ॱॱ ॱॱॱॱ ॱॱ ॱॱॱ ॱॱ ॱॱॱॱ ॱॱ ॱॱॱ ॱॱ ॱॱॱॱ ॱॱ ॱॱॱ ॱॱ ॱॱॱॱ ॱॱ ॱॱॱ ॱॱ ॱॱॱॱ ॱॱ ॱॱॱ ॱॱ ॱॱॱॱ ॱॱ ॱॱॱ ॱॱ ॱॱॱॱ ॱॱ ॱॱॱ ॱॱ ॱॱॱॱ
जांच शिविर
ॱॱ ॱॱॱ ॱॱ ॱॱॱॱ ॱॱ ॱॱॱ ॱॱ ॱॱॱॱ ॱॱ ॱॱॱ ॱॱ ॱॱॱॱ ॱॱ ॱॱॱ ॱॱ ॱॱॱॱ ॱॱ ॱॱॱ ॱॱ ॱॱॱॱ ॱॱ ॱॱॱ ॱॱ ॱॱॱॱ ॱॱ ॱॱॱ ॱॱ ॱॱॱॱ ॱॱ ॱॱॱ ॱॱ ॱॱॱॱ ॱॱ ॱॱॱ ॱॱ ॱॱॱॱ ॱॱ ॱॱॱ ॱॱ ॱॱॱॱ ॱॱ ॱॱॱ ॱॱ ॱॱॱॱ ॱॱ ॱॱॱ ॱॱ ॱॱॱॱ ॱॱ ॱॱॱ ॱॱ ॱॱॱॱ ॱॱ ॱॱॱ ॱॱ ॱॱॱॱ ॱॱ ॱॱॱ ॱॱ ॱॱॱॱ ॱॱ ॱॱॱ ॱॱ ॱॱॱॱ ॱॱ ॱॱॱ ॱॱ ॱॱॱॱ ॱॱ ॱॱॱ ॱॱ ॱॱॱॱ ॱॱ ॱॱॱ ॱॱ ॱॱॱॱ ॱॱ ॱॱॱ ॱॱ ॱॱॱॱ ॱॱ ॱॱॱ ॱॱ ॱॱॱॱ ॱॱ ॱॱॱ ॱॱ ॱॱॱॱ ॱॱ ॱॱॱ ॱॱ ॱॱॱॱ ॱॱ ॱॱॱ ॱॱ ॱॱॱॱ ॱॱ ॱॱॱ ॱॱ ॱॱॱॱ ॱॱ ॱॱॱ ॱॱ ॱॱॱॱ ॱॱ ॱॱॱ ॱॱ ॱॱॱॱ ॱॱ ॱॱॱ ॱॱ ॱॱॱॱ ॱॱ ॱॱॱ ॱॱ ॱॱॱॱ ॱॱ ॱॱॱ ॱॱ ॱॱॱॱ ॱॱ ॱॱॱ ॱॱ ॱॱॱॱ ॱॱ ॱॱॱ ॱॱ ॱॱॱॱ ॱॱ ॱॱॱ ॱॱ ॱॱॱॱ ॱॱ ॱॱॱ ॱॱ ॱॱॱॱ ॱॱ ॱॱॱ ॱॱ ॱॱॱॱ ॱॱ ॱॱॱ ॱॱ ॱॱॱॱ ॱॱ ॱॱॱ ॱॱ ॱॱॱॱ ॱॱ ॱॱॱ ॱॱ ॱॱॱॱ ॱॱ ॱॱॱ ॱॱ ॱॱॱॱ ॱॱ ॱॱॱ ॱॱ ॱॱॱॱ ॱॱ ॱॱॱ ॱॱ ॱॱॱॱ ॱॱ ॱॱॱ ॱॱ ॱॱॱॱ ॱॱ ॱॱॱ ॱॱ ॱॱॱॱ ॱॱ ॱॱॱ ॱॱ ॱॱॱॱ ॱॱ ॱॱॱ ॱॱ ॱॱॱॱ ॱॱ ॱॱॱ ॱॱ ॱॱॱॱ ॱॱ ॱॱॱ ॱॱ ॱॱॱॱ ॱॱ ॱॱॱ ॱॱ ॱॱॱॱ
चार राज्यों में भाजपा की प्रचंड जीत को लेकर महिला मोर्चा की टीम ने निकाली विजय रैली
खोजी/पलवल
ॱॱ ॱॱॱ ॱॱ ॱॱॱॱ ॱॱ ॱॱॱ ॱॱ ॱॱॱॱ ॱॱ ॱॱॱ ॱॱ ॱॱॱॱ ॱॱ ॱॱॱ ॱॱ ॱॱॱॱ ॱॱ ॱॱॱ ॱॱ ॱॱॱॱ ॱॱ ॱॱॱ ॱॱ ॱॱॱॱ ॱॱ ॱॱॱ ॱॱ ॱॱॱॱ ॱॱ ॱॱॱ ॱॱ ॱॱॱॱ ॱॱ ॱॱॱ ॱॱ ॱॱॱॱ ॱॱ ॱॱॱ ॱॱ ॱॱॱॱ ॱॱ ॱॱॱ ॱॱ ॱॱॱॱ ॱॱ ॱॱॱ ॱॱ ॱॱॱॱ ॱॱ ॱॱॱ ॱॱ ॱॱॱॱ ॱॱ ॱॱॱ ॱॱ ॱॱॱॱ ॱॱ ॱॱॱ ॱॱ ॱॱॱॱ ॱॱ ॱॱॱ ॱॱ ॱॱॱॱ ॱॱ ॱॱॱ ॱॱ ॱॱॱॱ ॱॱ ॱॱॱ ॱॱ ॱॱॱॱ ॱॱ ॱॱॱ ॱॱ ॱॱॱॱ ॱॱ ॱॱॱ ॱॱ ॱॱॱॱ ॱॱ ॱॱॱ ॱॱ ॱॱॱॱ ॱॱ ॱॱॱ ॱॱ ॱॱॱॱ ॱॱ ॱॱॱ ॱॱ ॱॱॱॱ ॱॱ ॱॱॱ ॱॱ ॱॱॱॱ ॱॱ ॱॱॱ ॱॱ ॱॱॱॱ ॱॱ ॱॱॱ ॱॱ ॱॱॱॱ ॱॱ ॱॱॱ ॱॱ ॱॱॱॱ ॱॱ ॱॱॱ ॱॱ ॱॱॱॱ ॱॱ ॱॱॱ ॱॱ ॱॱॱॱ ॱॱ ॱॱॱ ॱॱ ॱॱॱॱ ॱॱ ॱॱॱ ॱॱ ॱॱॱॱ ॱॱ ॱॱॱ ॱॱ ॱॱॱॱ ॱॱ ॱॱॱ ॱॱ ॱॱॱॱ ॱॱ ॱॱॱ ॱॱ ॱॱॱॱ ॱॱ ॱॱॱ ॱॱ ॱॱॱॱ ॱॱ ॱॱॱ ॱॱ ॱॱॱॱ ॱॱ ॱॱॱ ॱॱ ॱॱॱॱ ॱॱ ॱॱॱ ॱॱ ॱॱॱॱ ॱॱ ॱॱॱ ॱॱ ॱॱॱॱ ॱॱ ॱॱॱ ॱॱ ॱॱॱॱ ॱॱ ॱॱॱ ॱॱ ॱॱॱॱ ॱॱ ॱॱॱ ॱॱ ॱॱॱॱ ॱॱ ॱॱॱ ॱॱ ॱॱॱॱ ॱॱ ॱॱॱ ॱॱ ॱॱॱॱ ॱॱ ॱॱॱ ॱॱ ॱॱॱॱ ॱॱ ॱॱॱ ॱॱ ॱॱॱॱ ॱॱ ॱॱॱ ॱॱ ॱॱॱॱ ॱॱ ॱॱॱ ॱॱ ॱॱॱॱ ॱॱ ॱॱॱ ॱॱ ॱॱॱॱ ॱॱ ॱॱॱ ॱॱ ॱॱॱॱ ॱॱ ॱॱॱ ॱॱ ॱॱॱॱ ॱॱ ॱॱॱ ॱॱ ॱॱॱॱ ॱॱ ॱॱॱ ॱॱ ॱॱॱॱ ॱॱ ॱॱॱ ॱॱ ॱॱॱॱ ॱॱ ॱॱॱ ॱॱ ॱॱॱॱ ॱॱ ॱॱॱ ॱॱ ॱॱॱॱ ॱॱ ॱॱॱ ॱॱ ॱॱॱॱ ॱॱ ॱॱॱ ॱॱ ॱॱॱॱ ॱॱ ॱॱॱ ॱॱ ॱॱॱॱ ॱॱ ॱॱॱ ॱॱ ॱॱॱॱ ॱॱ ॱॱॱ ॱॱ ॱॱॱॱ ॱॱ ॱॱॱ ॱॱ ॱॱॱॱ ॱॱ ॱॱॱ ॱॱ ॱॱॱॱ
विजय रैली
ॱॱ ॱॱॱ ॱॱ ॱॱॱॱ ॱॱ ॱॱॱ ॱॱ ॱॱॱॱ ॱॱ ॱॱॱ ॱॱ ॱॱॱॱ ॱॱ ॱॱॱ ॱॱ ॱॱॱॱ ॱॱ ॱॱॱ ॱॱ ॱॱॱॱ ॱॱ ॱॱॱ ॱॱ ॱॱॱॱ ॱॱ ॱॱॱ ॱॱ ॱॱॱॱ ॱॱ ॱॱॱ ॱॱ ॱॱॱॱ ॱॱ ॱॱॱ ॱॱ ॱॱॱॱ ॱॱ ॱॱॱ ॱॱ ॱॱॱॱ ॱॱ ॱॱॱ ॱॱ ॱॱॱॱ ॱॱ ॱॱॱ ॱॱ ॱॱॱॱ ॱॱ ॱॱॱ ॱॱ ॱॱॱॱ ॱॱ ॱॱॱ ॱॱ ॱॱॱॱ ॱॱ ॱॱॱ ॱॱ ॱॱॱॱ ॱॱ ॱॱॱ ॱॱ ॱॱॱॱ ॱॱ ॱॱॱ ॱॱ ॱॱॱॱ ॱॱ ॱॱॱ ॱॱ ॱॱॱॱ ॱॱ ॱॱॱ ॱॱ ॱॱॱॱ ॱॱ ॱॱॱ ॱॱ ॱॱॱॱ ॱॱ ॱॱॱ ॱॱ ॱॱॱॱ ॱॱ ॱॱॱ ॱॱ ॱॱॱॱ ॱॱ ॱॱॱ ॱॱ ॱॱॱॱ ॱॱ ॱॱॱ ॱॱ ॱॱॱॱ ॱॱ ॱॱॱ ॱॱ ॱॱॱॱ ॱॱ ॱॱॱ ॱॱ ॱॱॱॱ ॱॱ ॱॱॱ ॱॱ ॱॱॱॱ ॱॱ ॱॱॱ ॱॱ ॱॱॱॱ ॱॱ ॱॱॱ ॱॱ ॱॱॱॱ ॱॱ ॱॱॱ ॱॱ ॱॱॱॱ ॱॱ ॱॱॱ ॱॱ ॱॱॱॱ ॱॱ ॱॱॱ ॱॱ ॱॱॱॱ ॱॱ ॱॱॱ ॱॱ ॱॱॱॱ ॱॱ ॱॱॱ ॱॱ ॱॱॱॱ ॱॱ ॱॱॱ ॱॱ ॱॱॱॱ ॱॱ ॱॱॱ ॱॱ ॱॱॱॱ ॱॱ ॱॱॱ ॱॱ ॱॱॱॱ ॱॱ ॱॱॱ ॱॱ ॱॱॱॱ ॱॱ ॱॱॱ ॱॱ ॱॱॱॱ ॱॱ ॱॱॱ ॱॱ ॱॱॱॱ ॱॱ ॱॱॱ ॱॱ ॱॱॱॱ ॱॱ ॱॱॱ ॱॱ ॱॱॱॱ
ॱॱ ॱॱॱ ॱॱ ॱॱॱॱ ॱॱ ॱॱॱ ॱॱ ॱॱॱॱ ॱॱ ॱॱॱ ॱॱ ॱॱॱॱ ॱॱ ॱॱॱ ॱॱ ॱॱॱॱ ॱॱ ॱॱॱ ॱॱ ॱॱॱॱ ॱॱ ॱॱॱ ॱॱ ॱॱॱॱ ॱॱ ॱॱॱ ॱॱ ॱॱॱॱ ॱॱ ॱॱॱ ॱॱ ॱॱॱॱ ॱॱ ॱॱॱ ॱॱ ॱॱॱॱ ॱॱ ॱॱॱ ॱॱ ॱॱॱॱ ॱॱ ॱॱॱ ॱॱ ॱॱॱॱ ॱॱ ॱॱॱ ॱॱ ॱॱॱॱ ॱॱ ॱॱॱ ॱॱ ॱॱॱॱ ॱॱ ॱॱॱ ॱॱ ॱॱॱॱ ॱॱ ॱॱॱ ॱॱ ॱॱॱॱ ॱॱ ॱॱॱ ॱॱ ॱॱॱॱ ॱॱ ॱॱॱ ॱॱ ॱॱॱॱ ॱॱ ॱॱॱ ॱॱ ॱॱॱॱ ॱॱ ॱॱॱ ॱॱ ॱॱॱॱ ॱॱ ॱॱॱ ॱॱ ॱॱॱॱ ॱॱ ॱॱॱ ॱॱ ॱॱॱॱ ॱॱ ॱॱॱ ॱॱ ॱॱॱॱ ॱॱ ॱॱॱ ॱॱ ॱॱॱॱ ॱॱ ॱॱॱ ॱॱ ॱॱॱॱ ॱॱ ॱॱॱ ॱॱ ॱॱॱॱ ॱॱ ॱॱॱ ॱॱ ॱॱॱॱ ॱॱ ॱॱॱ ॱॱ ॱॱॱॱ
